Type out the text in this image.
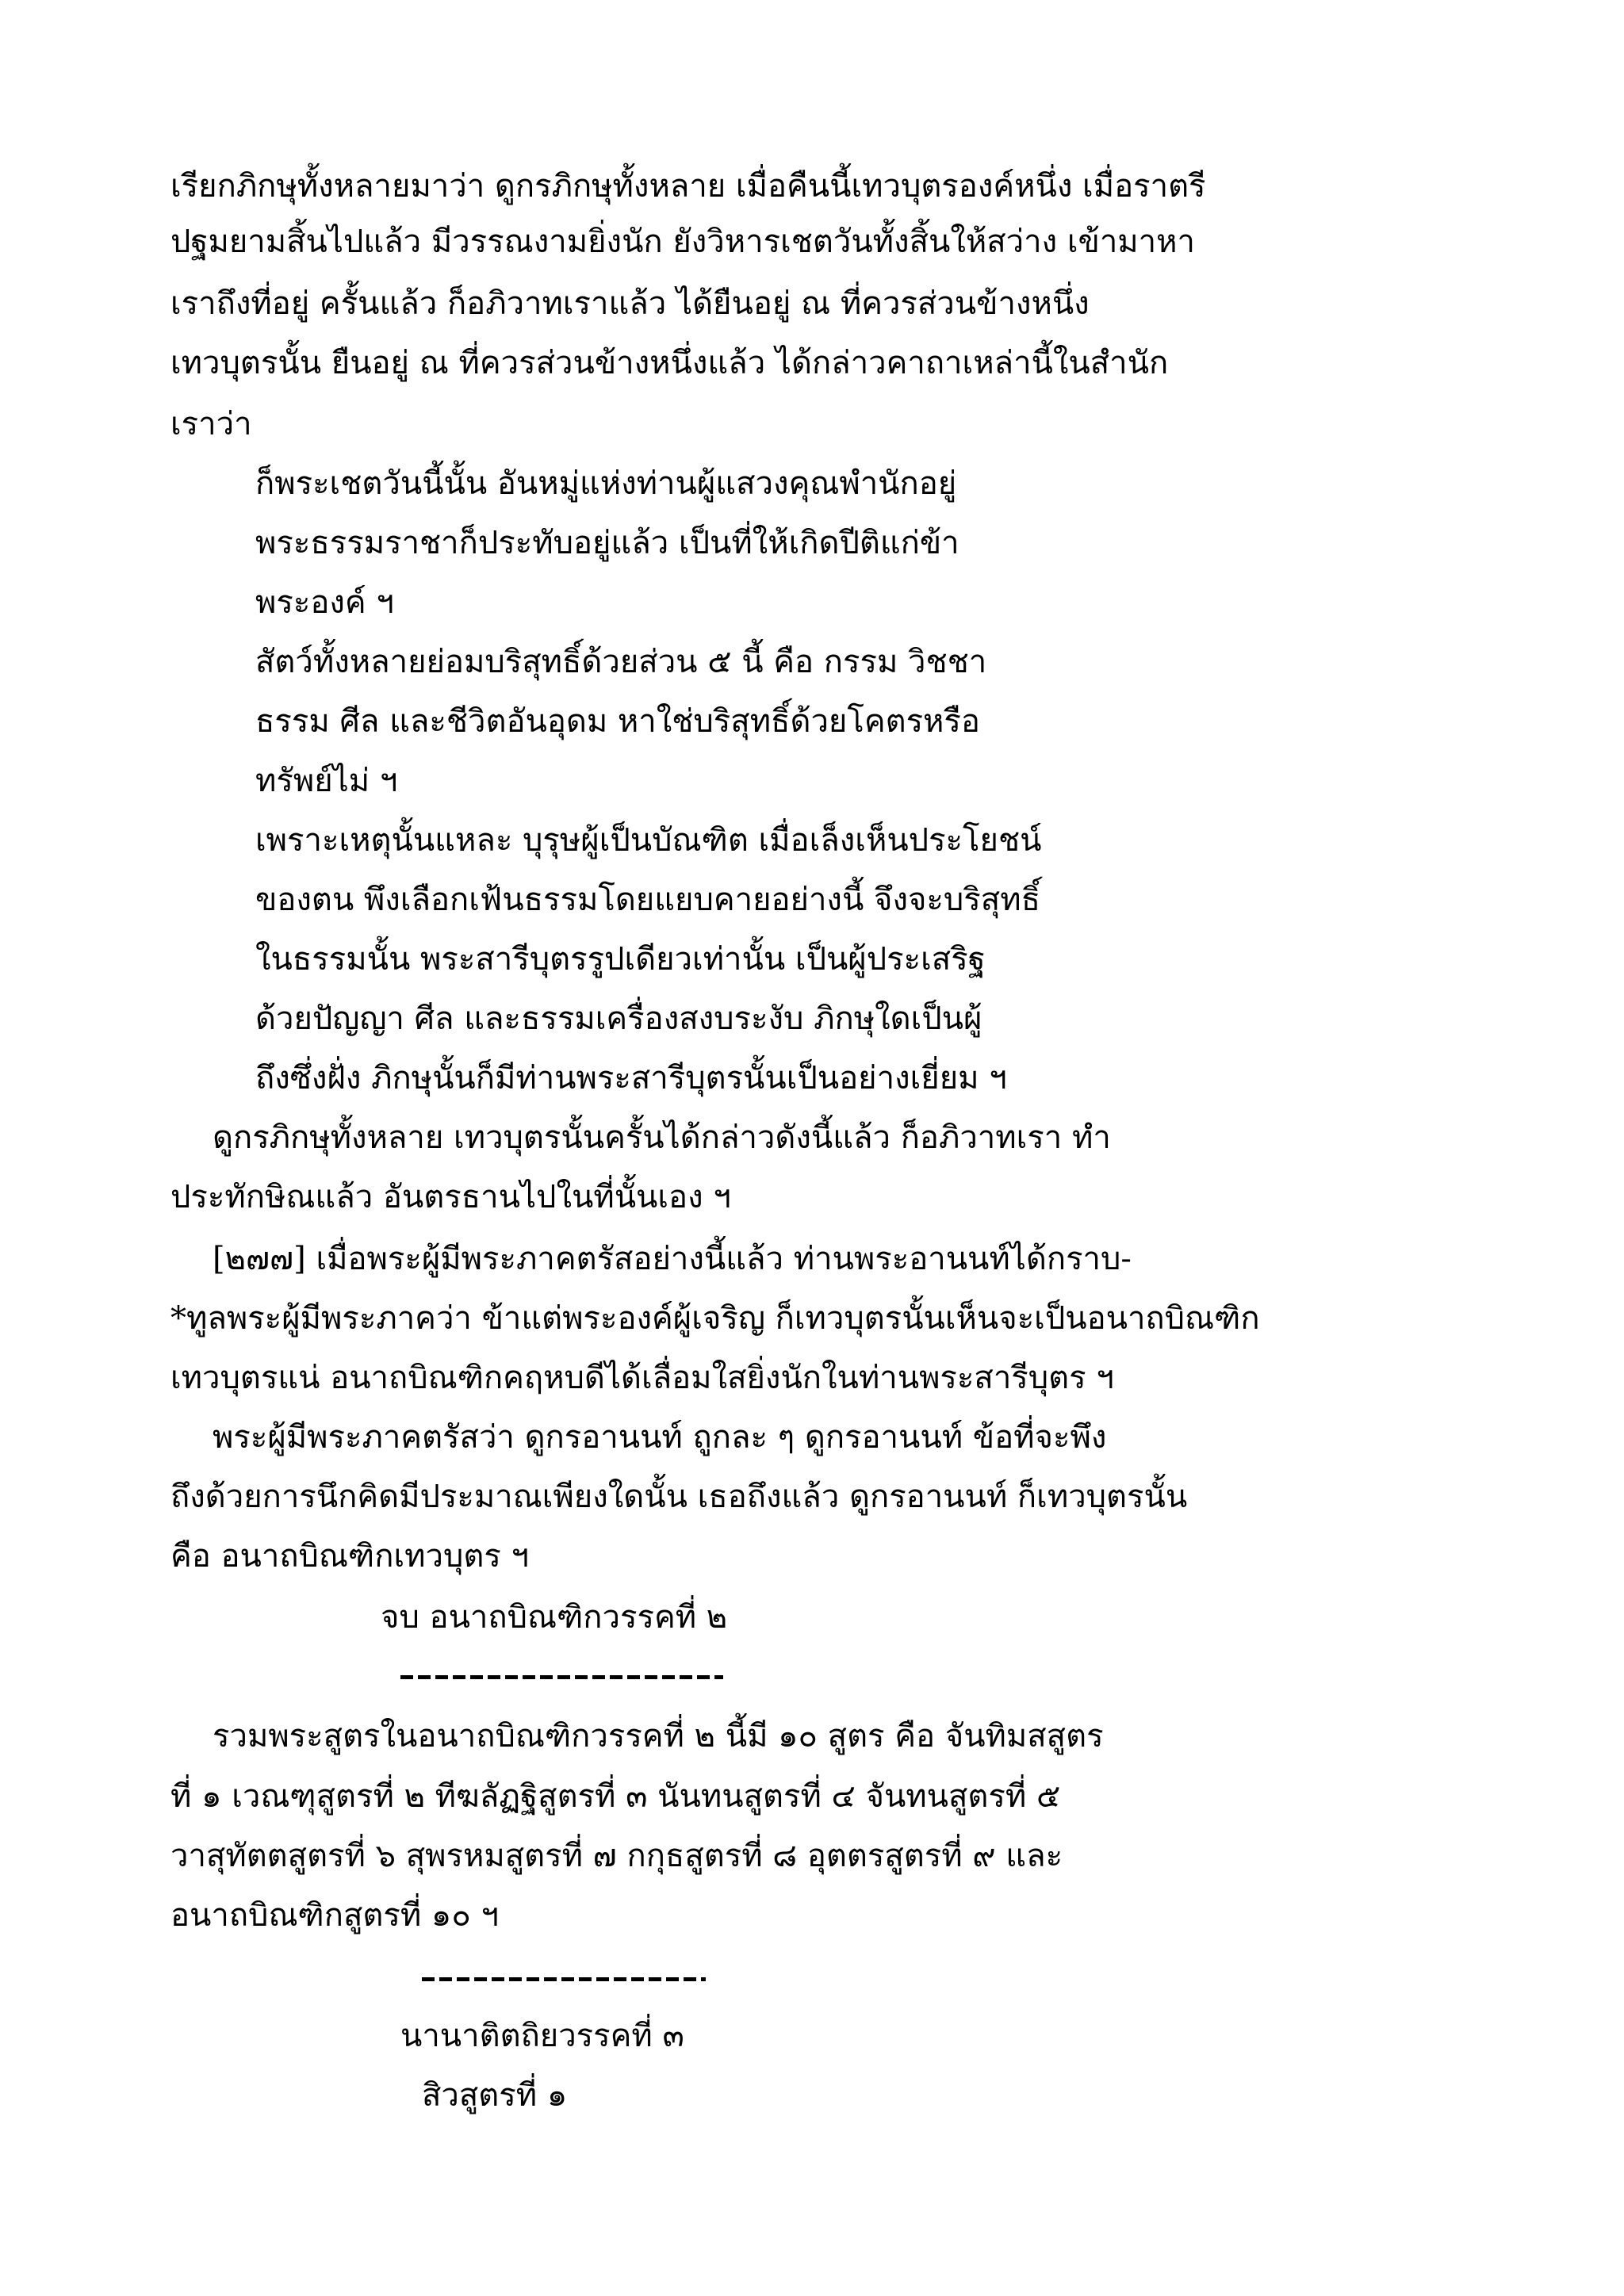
เรียกภิกษุทั้งหลายมาว่า ดูกรภิกษุทั้งหลาย เมื่อคืนนี้เทวบุตรองค์หนึ่ง เมื่อราตรี
ปฐมยามสิ้นไปแล้ว มีวรรณงามยิ่งนัก ยังวิหารเชตวันทั้งสิ้นให้สว่าง เข้ามาหา
เราถึงที่อยู่ ครั้นแล้ว ก็อภิวาทเราแล้ว ได้ยืนอยู่ ณ ที่ควรส่วนข้างหนึ่ง
เทวบุตรนั้น ยืนอยู่ ณ ที่ควรส่วนข้างหนึ่งแล้ว ได้กล่าวคาถาเหล่านี้ในสำนัก
เราว่า
ก็พระเชตวันนี้นั้น อันหมู่แห่งท่านผู้แสวงคุณพำนักอยู่
พระธรรมราชาก็ประทับอยู่แล้ว เป็นที่ให้เกิดปีติแก่ข้า
พระองค์ ฯ
สัตว์ทั้งหลายย่อมบริสุทธิ์ด้วยส่วน ๕ นี้ คือ กรรม วิชชา
ธรรม ศีล และชีวิตอันอุดม หาใช่บริสุทธิ์ด้วยโคตรหรือ
ทรัพย์ไม่ ฯ
เพราะเหตุนั้นแหละ บุรุษผู้เป็นบัณฑิต เมื่อเล็งเห็นประโยชน์
ของตน พึงเลือกเฟ้นธรรมโดยแยบคายอย่างนี้ จึงจะบริสุทธิ์
ในธรรมนั้น พระสารีบุตรรูปเดียวเท่านั้น เป็นผู้ประเสริฐ
ด้วยปัญญา ศีล และธรรมเครื่องสงบระงับ ภิกษุใดเป็นผู้
ถึงซึ่งฝั่ง ภิกษุนั้นก็มีท่านพระสารีบุตรนั้นเป็นอย่างเยี่ยม ฯ
ดูกรภิกษุทั้งหลาย เทวบุตรนั้นครั้นได้กล่าวดังนี้แล้ว ก็อภิวาทเรา ทำ
ประทักษิณแล้ว อันตรธานไปในที่นั้นเอง ฯ
[๒๗๗] เมื่อพระผู้มีพระภาคตรัสอย่างนี้แล้ว ท่านพระอานนท์ได้กราบ-
*ทูลพระผู้มีพระภาคว่า ข้าแต่พระองค์ผู้เจริญ ก็เทวบุตรนั้นเห็นจะเป็นอนาถบิณฑิก
เทวบุตรแน่ อนาถบิณฑิกคฤหบดีได้เลื่อมใสยิ่งนักในท่านพระสารีบุตร ฯ
พระผู้มีพระภาคตรัสว่า ดูกรอานนท์ ถูกละ ๆ ดูกรอานนท์ ข้อที่จะพึง
ถึงด้วยการนึกคิดมีประมาณเพียงใดนั้น เธอถึงแล้ว ดูกรอานนท์ ก็เทวบุตรนั้น
คือ อนาถบิณฑิกเทวบุตร ฯ
จบ อนาถบิณฑิกวรรคที่ ๒
รวมพระสูตรในอนาถบิณฑิกวรรคที่ ๒ นี้มี ๑๐ สูตร คือ จันทิมสสูตร
ที่ ๑ เวณฑุสูตรที่ ๒ ทีฆลัฏฐิสูตรที่ ๓ นันทนสูตรที่ ๔ จันทนสูตรที่ ๕
วาสุทัตตสูตรที่ ๖ สุพรหมสูตรที่ ๗ กกุธสูตรที่ ๘ อุตตรสูตรที่ ๙ และ
อนาถบิณฑิกสูตรที่ ๑๐ ฯ
นานาติตถิยวรรคที่ ๓
สิวสูตรที่ ๑
